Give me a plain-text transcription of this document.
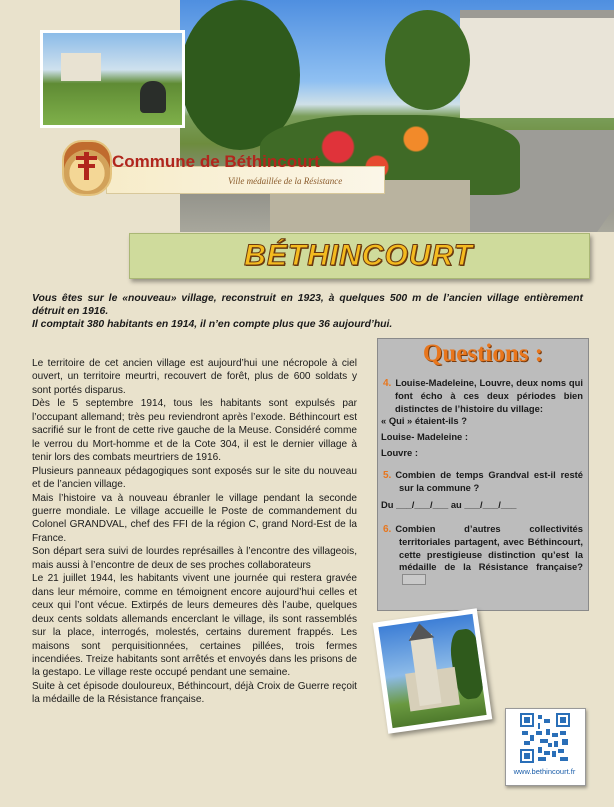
Commune de Béthincourt
Ville médaillée de la Résistance
BÉTHINCOURT

Vous êtes sur le «nouveau» village, reconstruit en 1923, à quelques 500 m de l’ancien village entièrement détruit en 1916.

Il comptait 380 habitants en 1914, il n’en compte plus que 36 aujourd’hui.

Le territoire de cet ancien village est aujourd’hui une nécropole à ciel ouvert, un territoire meurtri, recouvert de forêt, plus de 600 soldats y sont portés disparus.

Dès le 5 septembre 1914, tous les habitants sont expulsés par l’occupant allemand; très peu reviendront après l’exode. Béthincourt est sacrifié sur le front de cette rive gauche de la Meuse. Considéré comme le verrou du Mort-homme et de la Cote 304, il est le dernier village à tenir lors des combats meurtriers de 1916.

Plusieurs panneaux pédagogiques sont exposés sur le site du nouveau et de l’ancien village.

Mais l’histoire va à nouveau ébranler le village pendant la seconde guerre mondiale. Le village accueille le Poste de commandement du Colonel GRANDVAL, chef des FFI de la région C, grand Nord-Est de la France.

Son départ sera suivi de lourdes représailles à l’encontre des villageois, mais aussi à l’encontre de deux de ses proches collaborateurs

Le 21 juillet 1944, les habitants vivent une journée qui restera gravée dans leur mémoire, comme en témoignent encore aujourd’hui celles et ceux qui l’ont vécue. Extirpés de leurs demeures dès l’aube, quelques deux cents soldats allemands encerclant le village, ils sont rassemblés sur la place, interrogés, molestés, certains durement frappés. Les maisons sont perquisitionnées, certaines pillées, trois fermes incendiées. Treize habitants sont arrêtés et envoyés dans les prisons de la gestapo. Le village reste occupé pendant une semaine.

Suite à cet épisode douloureux, Béthincourt, déjà Croix de Guerre reçoit la médaille de la Résistance française.

Questions :
4. Louise-Madeleine, Louvre, deux noms qui font écho à ces deux périodes bien distinctes de l’histoire du village:
« Qui » étaient-ils ?
Louise- Madeleine :
Louvre :
5. Combien de temps Grandval est-il resté sur la commune ?
Du ___/___/___ au ___/___/___
6. Combien d’autres collectivités territoriales partagent, avec Béthincourt, cette prestigieuse distinction qu’est la médaille de la Résistance française?
www.bethincourt.fr
